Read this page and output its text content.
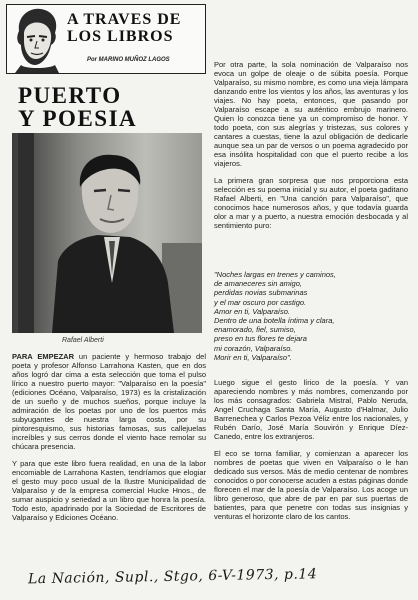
A TRAVES DE
LOS LIBROS
Por MARINO MUÑOZ LAGOS
PUERTO
Y POESIA
Rafael Alberti

PARA EMPEZAR un paciente y hermoso trabajo del poeta y profesor Alfonso Larrahona Kasten, que en dos años logró dar cima a esta selección que toma el pulso lírico a nuestro puerto mayor: "Valparaíso en la poesía" (ediciones Océano, Valparaíso, 1973) es la cristalización de un sueño y de muchos sueños, porque incluye la admiración de los poetas por uno de los puertos más subyugantes de nuestra larga costa, por su pintoresquismo, sus historias famosas, sus callejuelas increíbles y sus cerros donde el viento hace remolar su chúcara presencia.

Y para que este libro fuera realidad, en una de la labor encomiable de Larrahona Kasten, tendríamos que elogiar el gesto muy poco usual de la Ilustre Municipalidad de Valparaíso y de la empresa comercial Hucke Hnos., de sumar auspicio y seriedad a un libro que honra la poesía. Todo esto, apadrinado por la Sociedad de Escritores de Valparaíso y Ediciones Océano.

Por otra parte, la sola nominación de Valparaíso nos evoca un golpe de oleaje o de súbita poesía. Porque Valparaíso, su mismo nombre, es como una vieja lámpara danzando entre los vientos y los años, las aventuras y los viajes. No hay poeta, entonces, que pasando por Valparaíso escape a su auténtico embrujo marinero. Quien lo conozca tiene ya un compromiso de honor. Y todo poeta, con sus alegrías y tristezas, sus colores y cantares a cuestas, tiene la azul obligación de dedicarle aunque sea un par de versos o un poema agradecido por esa insólita hospitalidad con que el puerto recibe a los viajeros.

La primera gran sorpresa que nos proporciona esta selección es su poema inicial y su autor, el poeta gaditano Rafael Alberti, en "Una canción para Valparaíso", que conocimos hace numerosos años, y que todavía guarda olor a mar y a puerto, a nuestra emoción desbocada y al sentimiento puro:

"Noches largas en trenes y caminos,
de amaneceres sin amigo,
perdidas novias submarinas
y el mar oscuro por castigo.
Amor en ti, Valparaíso.
Dentro de una botella íntima y clara,
enamorado, fiel, sumiso,
preso en tus flores te dejara
mi corazón, Valparaíso.
Morir en ti, Valparaíso".

Luego sigue el gesto lírico de la poesía. Y van apareciendo nombres y más nombres, comenzando por los más consagrados: Gabriela Mistral, Pablo Neruda, Angel Cruchaga Santa María, Augusto d'Halmar, Julio Barrenechea y Carlos Pezoa Véliz entre los nacionales, y Rubén Darío, José María Souvirón y Enrique Díez-Canedo, entre los extranjeros.

El eco se torna familiar, y comienzan a aparecer los nombres de poetas que viven en Valparaíso o le han dedicado sus versos. Más de medio centenar de nombres conocidos o por conocerse acuden a estas páginas donde florecen el mar de la poesía de Valparaíso. Los acoge un libro generoso, que abre de par en par sus puertas de batientes, para que penetre con todas sus insignias y venturas el horizonte claro de los cantos.

La Nación, Supl., Stgo, 6-V-1973, p.14
